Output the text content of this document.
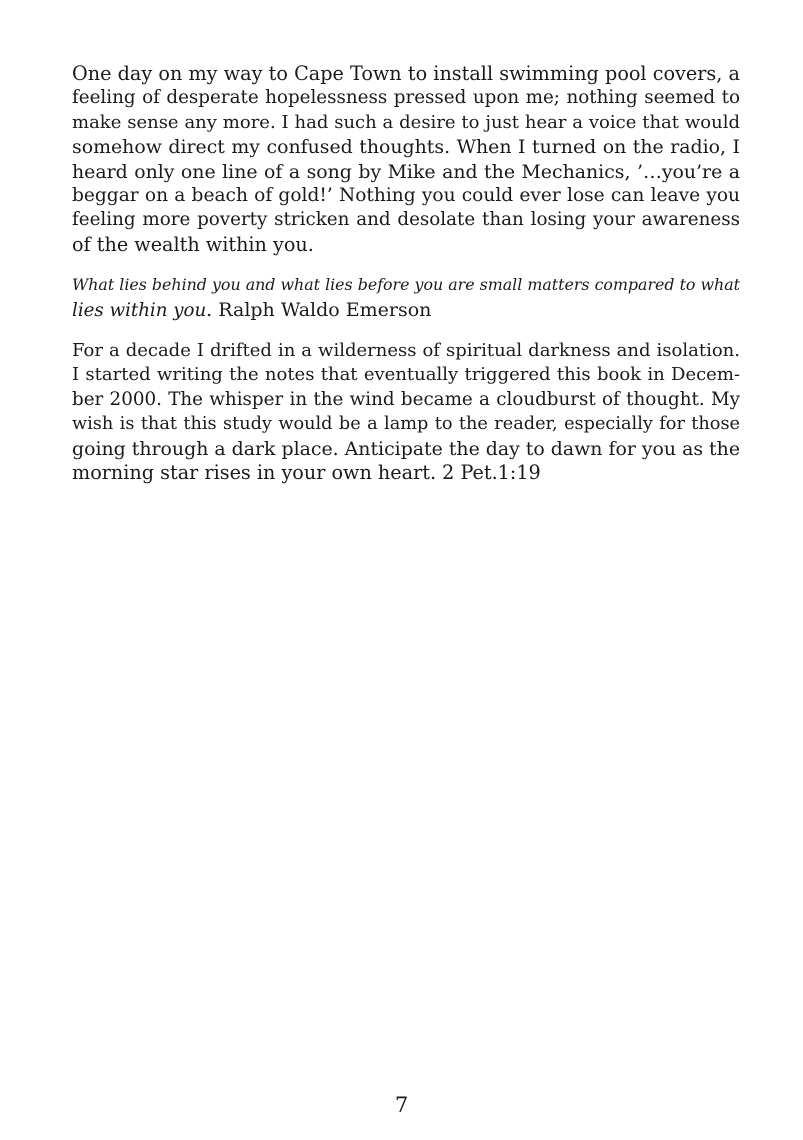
One day on my way to Cape Town to install swimming pool covers, a
feeling of desperate hopelessness pressed upon me; nothing seemed to
make sense any more. I had such a desire to just hear a voice that would
somehow direct my confused thoughts. When I turned on the radio, I
heard only one line of a song by Mike and the Mechanics, ’…you’re a
beggar on a beach of gold!’ Nothing you could ever lose can leave you
feeling more poverty stricken and desolate than losing your awareness
of the wealth within you.
What lies behind you and what lies before you are small matters compared to what
lies within you. Ralph Waldo Emerson
For a decade I drifted in a wilderness of spiritual darkness and isolation.
I started writing the notes that eventually triggered this book in Decem-
ber 2000. The whisper in the wind became a cloudburst of thought. My
wish is that this study would be a lamp to the reader, especially for those
going through a dark place. Anticipate the day to dawn for you as the
morning star rises in your own heart. 2 Pet.1:19
7
